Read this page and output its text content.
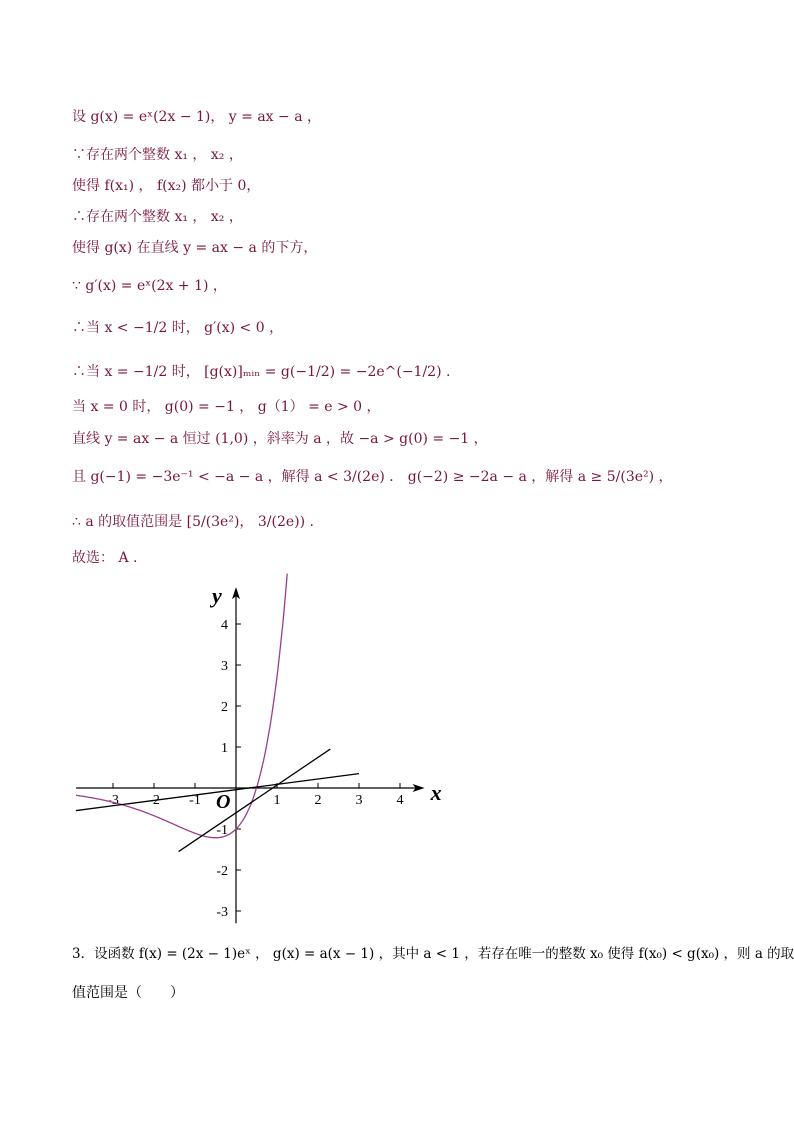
设 g(x) = eˣ(2x − 1)， y = ax − a ，
∵存在两个整数 x₁ ， x₂ ，
使得 f(x₁) ， f(x₂) 都小于 0，
∴存在两个整数 x₁ ， x₂ ，
使得 g(x) 在直线 y = ax − a 的下方，
∵ g′(x) = eˣ(2x + 1) ，
∴当 x < −1/2 时， g′(x) < 0 ，
∴当 x = −1/2 时， [g(x)]ₘᵢₙ = g(−1/2) = −2e^(−1/2) .
当 x = 0 时， g(0) = −1 ， g（1） = e > 0 ，
直线 y = ax − a 恒过 (1,0) ，斜率为 a ，故 −a > g(0) = −1 ，
且 g(−1) = −3e⁻¹ < −a − a ，解得 a < 3/(2e) ． g(−2) ≥ −2a − a ，解得 a ≥ 5/(3e²) ，
∴ a 的取值范围是 [5/(3e²)， 3/(2e)) .
故选： A .
-3 -2 -1	1 2 3 4
4
3
2
1
-1
-2
-3
x
y
O
3．设函数 f(x) = (2x − 1)eˣ ， g(x) = a(x − 1) ，其中 a < 1 ，若存在唯一的整数 x₀ 使得 f(x₀) < g(x₀) ，则 a 的取
值范围是（　　）
